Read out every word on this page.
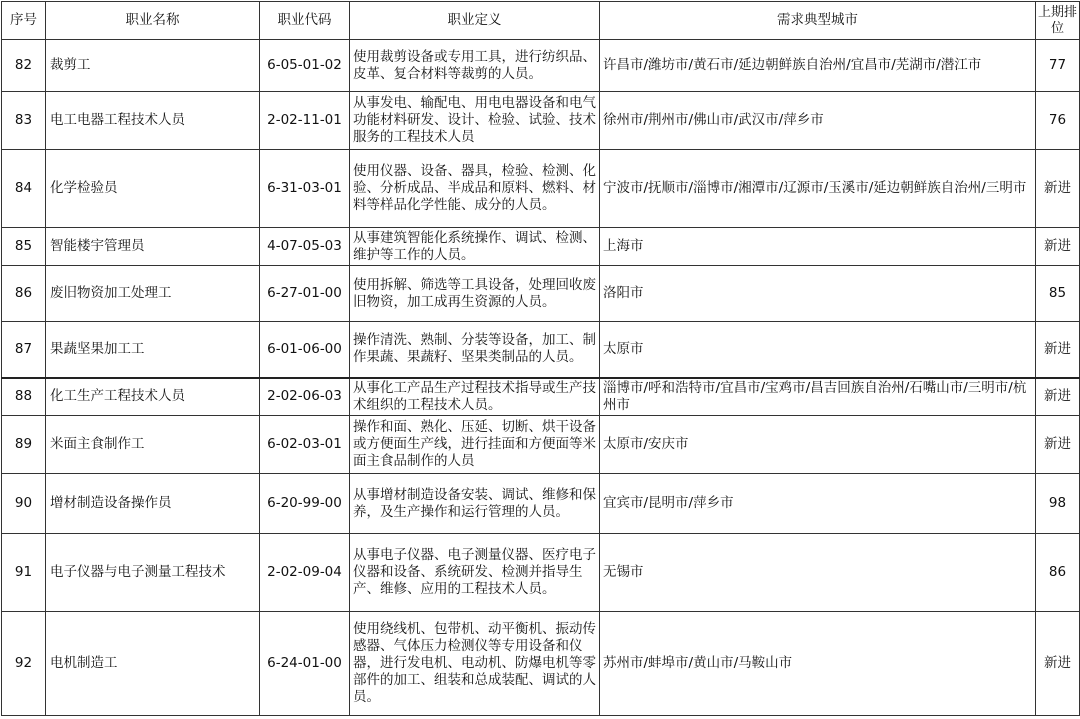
序号	职业名称	职业代码	职业定义	需求典型城市	上期排位

82	裁剪工	6-05-01-02	使用裁剪设备或专用工具，进行纺织品、皮革、复合材料等裁剪的人员。	许昌市/潍坊市/黄石市/延边朝鲜族自治州/宜昌市/芜湖市/潜江市	77

83	电工电器工程技术人员	2-02-11-01	从事发电、输配电、用电电器设备和电气功能材料研发、设计、检验、试验、技术服务的工程技术人员	徐州市/荆州市/佛山市/武汉市/萍乡市	76

84	化学检验员	6-31-03-01	使用仪器、设备、器具，检验、检测、化验、分析成品、半成品和原料、燃料、材料等样品化学性能、成分的人员。	宁波市/抚顺市/淄博市/湘潭市/辽源市/玉溪市/延边朝鲜族自治州/三明市	新进

85	智能楼宇管理员	4-07-05-03	从事建筑智能化系统操作、调试、检测、维护等工作的人员。	上海市	新进

86	废旧物资加工处理工	6-27-01-00	使用拆解、筛选等工具设备，处理回收废旧物资，加工成再生资源的人员。	洛阳市	85

87	果蔬坚果加工工	6-01-06-00	操作清洗、熟制、分装等设备，加工、制作果蔬、果蔬籽、坚果类制品的人员。	太原市	新进

88	化工生产工程技术人员	2-02-06-03	从事化工产品生产过程技术指导或生产技术组织的工程技术人员。	淄博市/呼和浩特市/宜昌市/宝鸡市/昌吉回族自治州/石嘴山市/三明市/杭州市	新进

89	米面主食制作工	6-02-03-01	操作和面、熟化、压延、切断、烘干设备或方便面生产线，进行挂面和方便面等米面主食品制作的人员	太原市/安庆市	新进

90	增材制造设备操作员	6-20-99-00	从事增材制造设备安装、调试、维修和保养，及生产操作和运行管理的人员。	宜宾市/昆明市/萍乡市	98

91	电子仪器与电子测量工程技术	2-02-09-04	从事电子仪器、电子测量仪器、医疗电子仪器和设备、系统研发、检测并指导生产、维修、应用的工程技术人员。	无锡市	86

92	电机制造工	6-24-01-00	使用绕线机、包带机、动平衡机、振动传感器、气体压力检测仪等专用设备和仪器，进行发电机、电动机、防爆电机等零部件的加工、组装和总成装配、调试的人员。	苏州市/蚌埠市/黄山市/马鞍山市	新进
